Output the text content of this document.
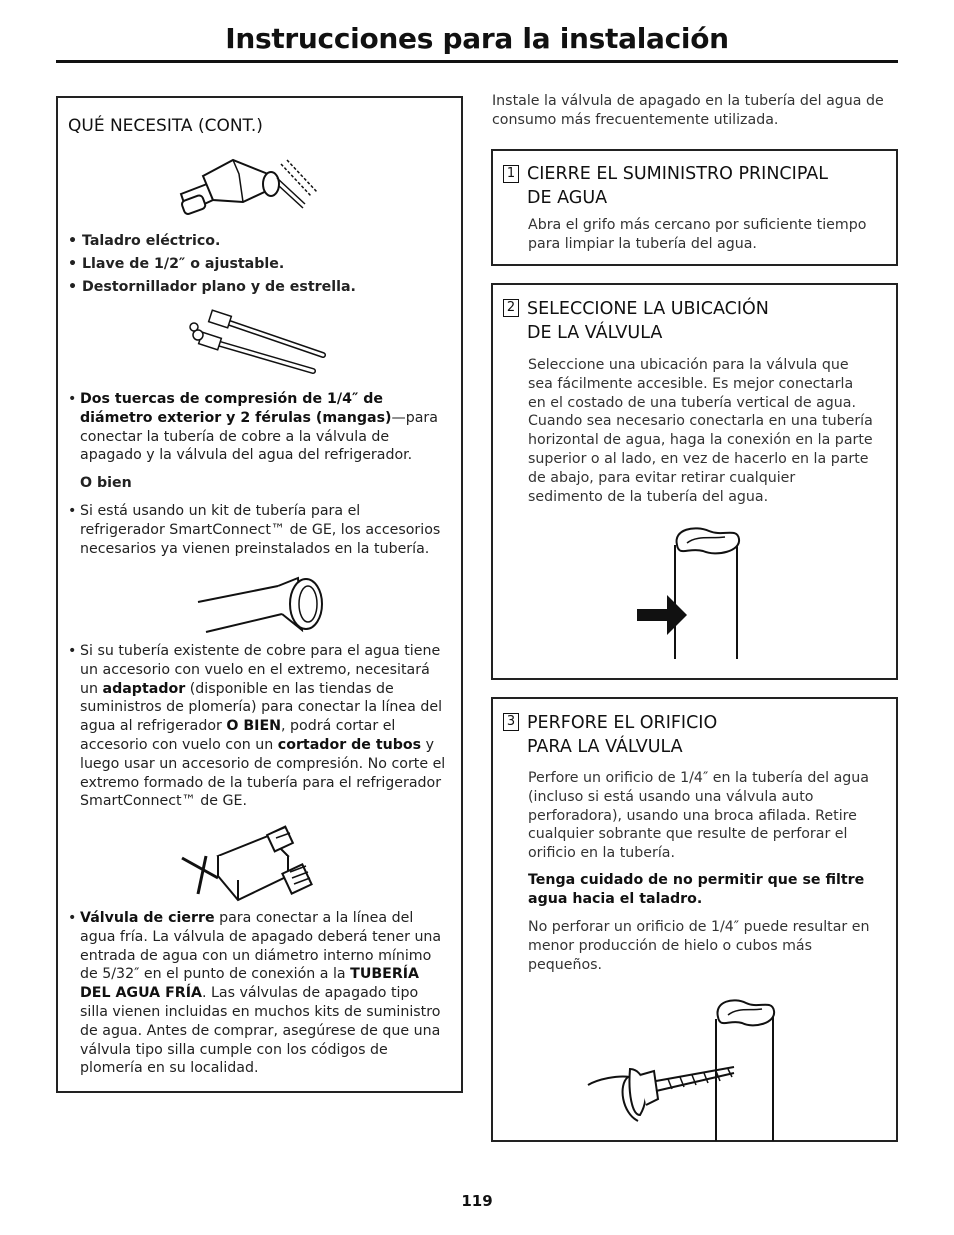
Instrucciones para la instalación
QUÉ NECESITA (CONT.)
• Taladro eléctrico.
• Llave de 1/2″ o ajustable.
• Destornillador plano y de estrella.
• Dos tuercas de compresión de 1/4″ de diámetro exterior y 2 férulas (mangas)—para conectar la tubería de cobre a la válvula de apagado y la válvula del agua del refrigerador.
O bien
• Si está usando un kit de tubería para el refrigerador SmartConnect™ de GE, los accesorios necesarios ya vienen preinstalados en la tubería.
• Si su tubería existente de cobre para el agua tiene un accesorio con vuelo en el extremo, necesitará un adaptador (disponible en las tiendas de suministros de plomería) para conectar la línea del agua al refrigerador O BIEN, podrá cortar el accesorio con vuelo con un cortador de tubos y luego usar un accesorio de compresión. No corte el extremo formado de la tubería para el refrigerador SmartConnect™ de GE.
• Válvula de cierre para conectar a la línea del agua fría. La válvula de apagado deberá tener una entrada de agua con un diámetro interno mínimo de 5/32″ en el punto de conexión a la TUBERÍA DEL AGUA FRÍA. Las válvulas de apagado tipo silla vienen incluidas en muchos kits de suministro de agua. Antes de comprar, asegúrese de que una válvula tipo silla cumple con los códigos de plomería en su localidad.
Instale la válvula de apagado en la tubería del agua de consumo más frecuentemente utilizada.
1 CIERRE EL SUMINISTRO PRINCIPAL
DE AGUA
Abra el grifo más cercano por suficiente tiempo para limpiar la tubería del agua.
2 SELECCIONE LA UBICACIÓN
DE LA VÁLVULA
Seleccione una ubicación para la válvula que sea fácilmente accesible. Es mejor conectarla en el costado de una tubería vertical de agua. Cuando sea necesario conectarla en una tubería horizontal de agua, haga la conexión en la parte superior o al lado, en vez de hacerlo en la parte de abajo, para evitar retirar cualquier sedimento de la tubería del agua.
3 PERFORE EL ORIFICIO
PARA LA VÁLVULA
Perfore un orificio de 1/4″ en la tubería del agua (incluso si está usando una válvula auto perforadora), usando una broca afilada. Retire cualquier sobrante que resulte de perforar el orificio en la tubería.
Tenga cuidado de no permitir que se filtre agua hacia el taladro.
No perforar un orificio de 1/4″ puede resultar en menor producción de hielo o cubos más pequeños.
119
